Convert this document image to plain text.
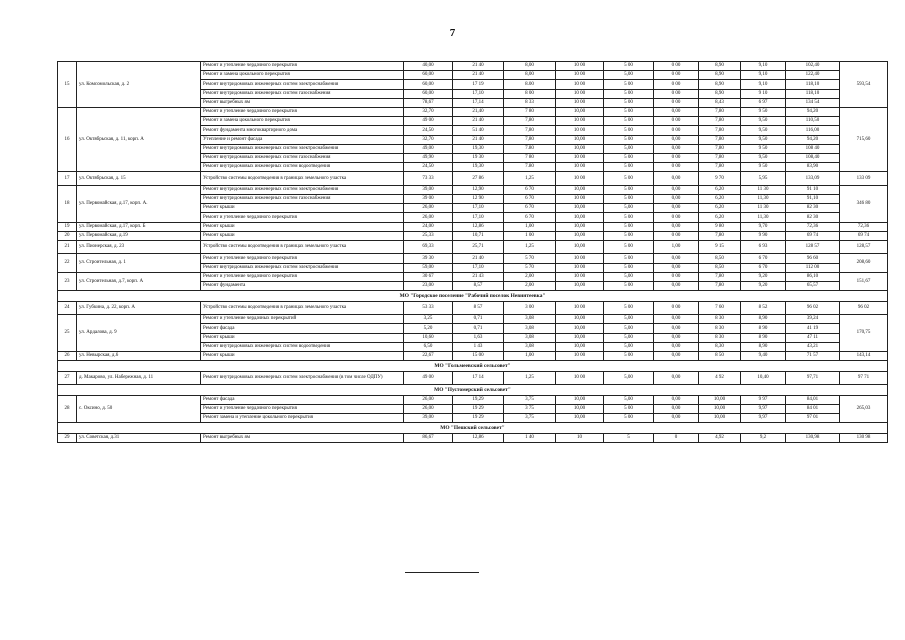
7
15	ул. Комсомольская, д. 2	Ремонт и утепление чердачного перекрытия	40,00	21 40	8,00	10 00	5 00	0 00	8,90	9,10	102,40	593,54
		Ремонт и замена цокольного перекрытия	60,00	21 40	8,00	10 00	5,00	0 00	8,90	9,10	122,40	
		Ремонт внутридомовых инженерных систем электроснабжения	60,00	17 19	8.00	10 00	5 00	0 00	8,90	9,10	118,10	
		Ремонт внутридомовых инженерных систем газоснабжения	60,00	17,10	8 00	10 00	5 00	0 00	8,90	9 10	118,10	
		Ремонт выгребных ям	78,67	17,14	8 33	10 00	5 00	0 00	8,43	6 97	134 54	
16	ул. Октябрьская, д. 11, корп. А	Ремонт и утепление чердачного перекрытия	32,70	21,40	7 80	10,00	5 00	0,00	7,80	9 50	94,20	715,60
		Ремонт и замена цокольного перекрытия	49 00	21 40	7,80	10 00	5 00	0 00	7,80	9,50	110,50	
		Ремонт фундамента многоквартирного дома	24,50	51 40	7,80	10 00	5 00	0 00	7,80	9,50	116,00	
		Утепление и ремонт фасада	32,70	21 40	7,80	10,00	5 00	0,00	7,80	9,50	94,20	
		Ремонт внутридомовых инженерных систем электроснабжения	49,00	19,30	7.80	10,00	5,00	0,00	7,80	9 50	108 40	
		Ремонт внутридомовых инженерных систем газоснабжения	49,90	19 30	7 80	10 00	5 00	0 00	7,80	9,50	108,40	
		Ремонт внутридомовых инженерных систем водоотведения	24,50	19,30	7.80	10 00	5 00	0 00	7,80	9 50	83,90	
17	ул. Октябрьская, д. 15	Устройство системы водоотведения в границах земельного участка	73 33	27 86	1,25	10 00	5 00	0,00	9 70	5,95	133,09	133 09
18	ул. Первомайская, д.17, корп. А.	Ремонт внутридомовых инженерных систем электроснабжения	39,00	12,90	6 70	10,00	5 00	0,00	6,20	11 30	91 10	346 80
		Ремонт внутридомовых инженерных систем газоснабжения	39 00	12 90	6 70	10 00	5 00	0,00	6,20	11,30	91,10	
		Ремонт крыши	26,00	17,10	6 70	10,00	5,00	0,00	6,20	11 30	82 30	
		Ремонт и утепление чердачного перекрытия	26,00	17,10	6 70	10,00	5 00	0 00	6,20	11,30	82 30	
19	ул. Первомайская, д.17, корп. Б	Ремонт крыши	24,00	12,86	1,00	10,00	5 00	0,00	9 80	9,70	72,36	72,36
20	ул. Первомайская, д.19	Ремонт крыши	25,33	10,71	1 00	10,00	5 00	0 00	7,80	9 90	69 74	69 74
21	ул. Пионерская, д. 23	Устройство системы водоотведения в границах земельного участка	69,33	25,71	1,25	10,00	5 00	1,00	9 15	6 93	128 57	128,57
22	ул. Строительная, д. 1	Ремонт и утепление чердачного перекрытия	39 30	21 40	5 70	10 00	5 00	0,00	8,50	6 70	96 60	208,60
		Ремонт внутридомовых инженерных систем электроснабжения	59,00	17,10	5 70	10 00	5 00	0,00	8,50	6 70	112 00	
23	ул. Строительная, д.7, корп. А	Ремонт и утепление чердачного перекрытия	30 67	21 43	2,00	10 00	5,00	0 00	7,80	9,20	86,10	151,67
		Ремонт фундамента	23,00	8,57	2,00	10,00	5 00	0,00	7,80	9,20	65,57	
МО "Городское поселение "Рабочий поселок Невинтеевка"												
24	ул. Губкина, д. 22, корп. А	Устройство системы водоотведения в границах земельного участка	53 33	8 57	3 00	10 00	5 00	0 00	7 60	8 52	96 02	96 02
25	ул. Ардалова, д. 9	Ремонт и утепление чердачных перекрытий	3,25	0,71	3,08	10,00	5,00	0,00	8 30	8,90	39,24	170,75
		Ремонт фасада	5,20	0,71	3,08	10,00	5,00	0,00	8 30	8 90	41 19	
		Ремонт крыши	10,60	1,63	3,08	10,00	5,00	0,00	8 30	8 90	47 11	
		Ремонт внутридомовых инженерных систем водоотведения	6,50	1 43	3,08	10,00	5,00	0,00	8,30	8,90	43,21	
26	ул. Невырская, д.6	Ремонт крыши	22,67	15 00	1,00	10 00	5 00	0,00	8 50	9,40	71 57	143,14
МО "Гольмеевский сельсовет"												
27	д. Макарово, ул. Набережная, д. 11	Ремонт внутридомовых инженерных систем электроснабжения (в том числе ОДПУ)	49 00	17 14	1,25	10 00	5,00	0,00	4 92	10,40	97,71	97 71
МО "Пустомерский сельсовет"												
28	с. Оксино, д. 50	Ремонт фасада	26,00	19,29	3,75	10,00	5,00	0,00	10,00	9 97	84,01	265,03
		Ремонт и утепление чердачного перекрытия	26,00	19 29	3 75	10,00	5 00	0,00	10,00	9,97	84 01	
		Ремонт замена и утепление цокольного перекрытия	39,00	19 29	3,75	10,00	5 00	0,00	10,00	9,97	97 01	
МО "Пешский сельсовет"												
29	ул. Советская, д.31	Ремонт выгребных ям	86,67	12,86	1 40	10	5	0	4,92	9,2	130,98	130 98
